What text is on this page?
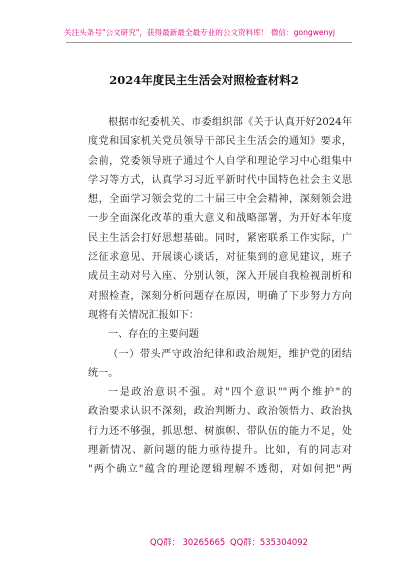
关注头条号"公文研究"，获得最新最全最专业的公文资料库！ 微信：gongwenyj
2024年度民主生活会对照检查材料2
根据市纪委机关、市委组织部《关于认真开好2024年
度党和国家机关党员领导干部民主生活会的通知》要求，
会前，党委领导班子通过个人自学和理论学习中心组集中
学习等方式，认真学习习近平新时代中国特色社会主义思
想，全面学习领会党的二十届三中全会精神，深刻领会进
一步全面深化改革的重大意义和战略部署，为开好本年度
民主生活会打好思想基础。同时，紧密联系工作实际，广
泛征求意见、开展谈心谈话，对征集到的意见建议，班子
成员主动对号入座、分别认领，深入开展自我检视剖析和
对照检查，深刻分析问题存在原因，明确了下步努力方向
现将有关情况汇报如下：
一、存在的主要问题
（一）带头严守政治纪律和政治规矩，维护党的团结
统一。
一是政治意识不强。对"四个意识""两个维护"的
政治要求认识不深刻，政治判断力、政治领悟力、政治执
行力还不够强，抓思想、树旗帜、带队伍的能力不足，处
理新情况、新问题的能力亟待提升。比如，有的同志对
"两个确立"蕴含的理论逻辑理解不透彻，对如何把"两
QQ群： 30265665 QQ群：535304092
